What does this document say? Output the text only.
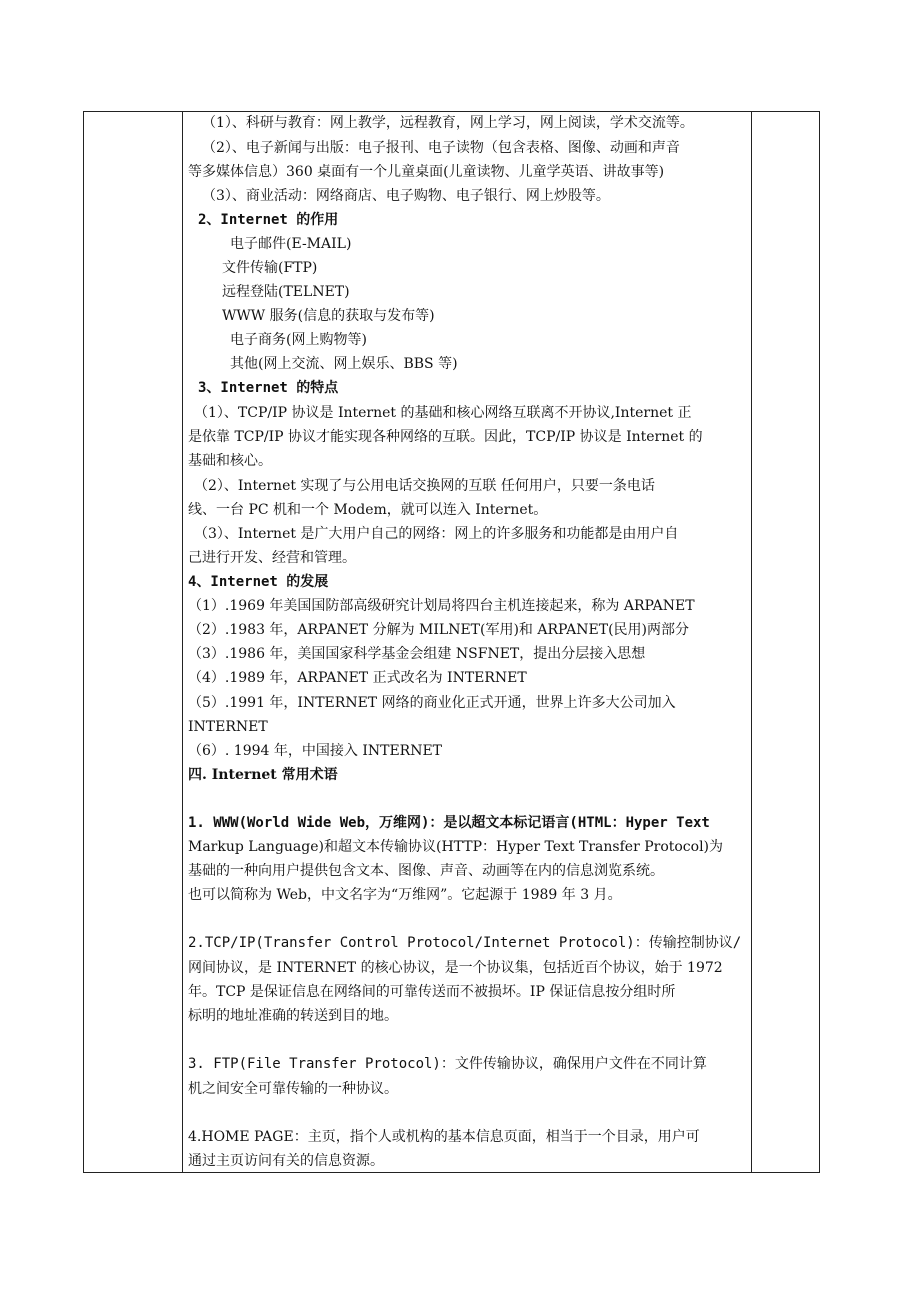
（1）、科研与教育：网上教学，远程教育，网上学习，网上阅读，学术交流等。
（2）、电子新闻与出版：电子报刊、电子读物（包含表格、图像、动画和声音
等多媒体信息）360 桌面有一个儿童桌面(儿童读物、儿童学英语、讲故事等)
（3）、商业活动：网络商店、电子购物、电子银行、网上炒股等。
2、Internet 的作用
电子邮件(E-MAIL)
文件传输(FTP)
远程登陆(TELNET)
WWW 服务(信息的获取与发布等)
电子商务(网上购物等)
其他(网上交流、网上娱乐、BBS 等)
3、Internet 的特点
（1）、TCP/IP 协议是 Internet 的基础和核心网络互联离不开协议,Internet 正
是依靠 TCP/IP 协议才能实现各种网络的互联。因此，TCP/IP 协议是 Internet 的
基础和核心。
（2）、Internet 实现了与公用电话交换网的互联 任何用户，只要一条电话
线、一台 PC 机和一个 Modem，就可以连入 Internet。
（3）、Internet 是广大用户自己的网络：网上的许多服务和功能都是由用户自
己进行开发、经营和管理。
4、Internet 的发展
（1）.1969 年美国国防部高级研究计划局将四台主机连接起来，称为 ARPANET
（2）.1983 年，ARPANET 分解为 MILNET(军用)和 ARPANET(民用)两部分
（3）.1986 年，美国国家科学基金会组建 NSFNET，提出分层接入思想
（4）.1989 年，ARPANET 正式改名为 INTERNET
（5）.1991 年，INTERNET 网络的商业化正式开通，世界上许多大公司加入
INTERNET
（6）. 1994 年，中国接入 INTERNET
四. Internet 常用术语
1. WWW(World Wide Web，万维网)：是以超文本标记语言(HTML：Hyper Text
Markup Language)和超文本传输协议(HTTP：Hyper Text Transfer Protocol)为
基础的一种向用户提供包含文本、图像、声音、动画等在内的信息浏览系统。
也可以简称为 Web，中文名字为“万维网”。它起源于 1989 年 3 月。
2.TCP/IP(Transfer Control Protocol/Internet Protocol)：传输控制协议/
网间协议，是 INTERNET 的核心协议，是一个协议集，包括近百个协议，始于 1972
年。TCP 是保证信息在网络间的可靠传送而不被损坏。IP 保证信息按分组时所
标明的地址准确的转送到目的地。
3. FTP(File Transfer Protocol)：文件传输协议，确保用户文件在不同计算
机之间安全可靠传输的一种协议。
4.HOME PAGE：主页，指个人或机构的基本信息页面，相当于一个目录，用户可
通过主页访问有关的信息资源。
